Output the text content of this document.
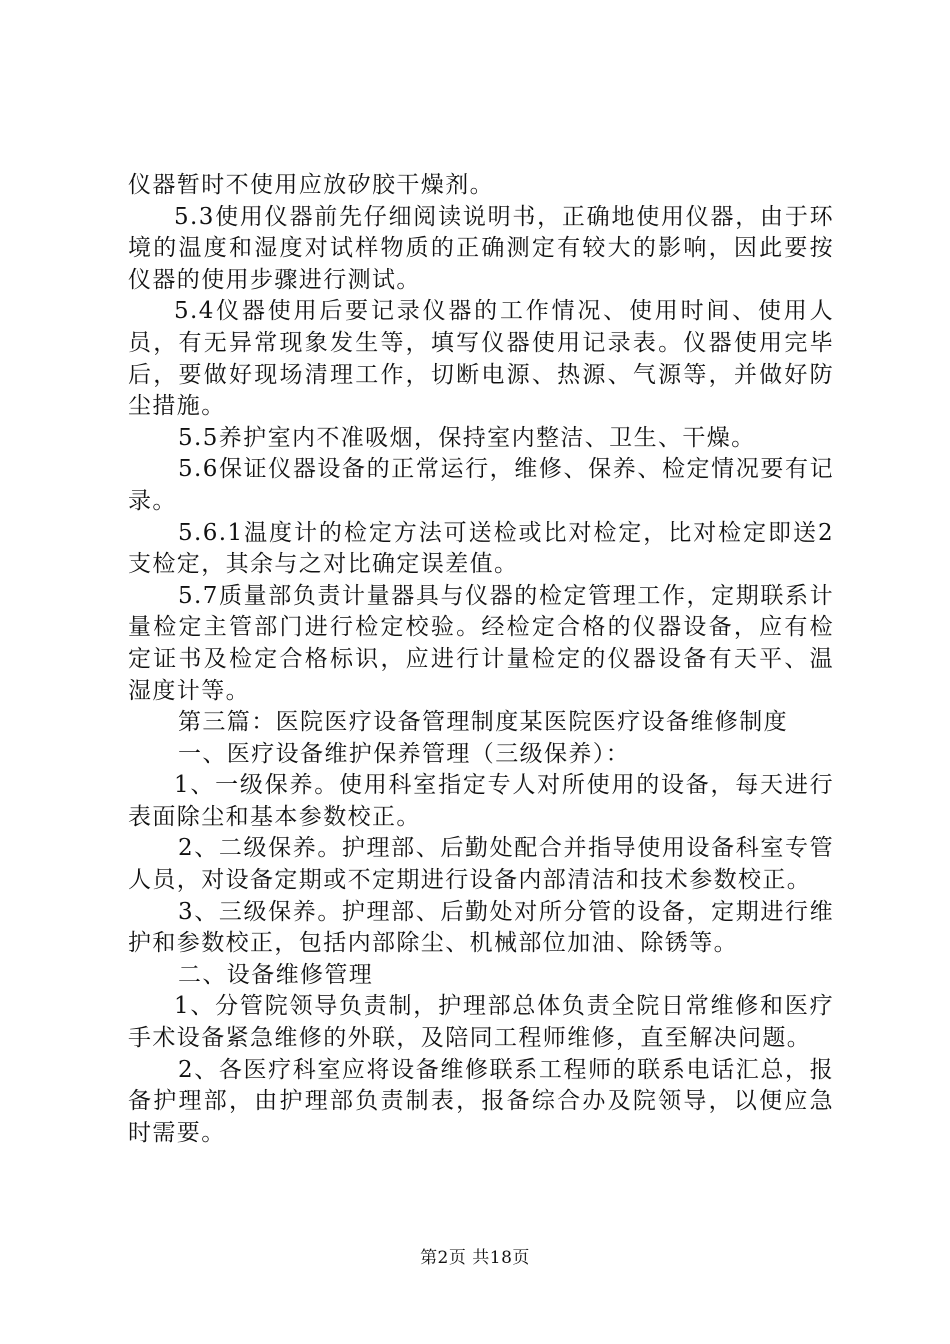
仪器暂时不使用应放矽胶干燥剂。

5.3使用仪器前先仔细阅读说明书，正确地使用仪器，由于环境的温度和湿度对试样物质的正确测定有较大的影响，因此要按仪器的使用步骤进行测试。

5.4仪器使用后要记录仪器的工作情况、使用时间、使用人员，有无异常现象发生等，填写仪器使用记录表。仪器使用完毕后，要做好现场清理工作，切断电源、热源、气源等，并做好防尘措施。

5.5养护室内不准吸烟，保持室内整洁、卫生、干燥。

5.6保证仪器设备的正常运行，维修、保养、检定情况要有记录。

5.6.1温度计的检定方法可送检或比对检定，比对检定即送2支检定，其余与之对比确定误差值。

5.7质量部负责计量器具与仪器的检定管理工作，定期联系计量检定主管部门进行检定校验。经检定合格的仪器设备，应有检定证书及检定合格标识，应进行计量检定的仪器设备有天平、温湿度计等。

第三篇：医院医疗设备管理制度某医院医疗设备维修制度

一、医疗设备维护保养管理（三级保养）：

1、一级保养。使用科室指定专人对所使用的设备，每天进行表面除尘和基本参数校正。

2、二级保养。护理部、后勤处配合并指导使用设备科室专管人员，对设备定期或不定期进行设备内部清洁和技术参数校正。

3、三级保养。护理部、后勤处对所分管的设备，定期进行维护和参数校正，包括内部除尘、机械部位加油、除锈等。

二、设备维修管理

1、分管院领导负责制，护理部总体负责全院日常维修和医疗手术设备紧急维修的外联，及陪同工程师维修，直至解决问题。

2、各医疗科室应将设备维修联系工程师的联系电话汇总，报备护理部，由护理部负责制表，报备综合办及院领导，以便应急时需要。

第2页 共18页
